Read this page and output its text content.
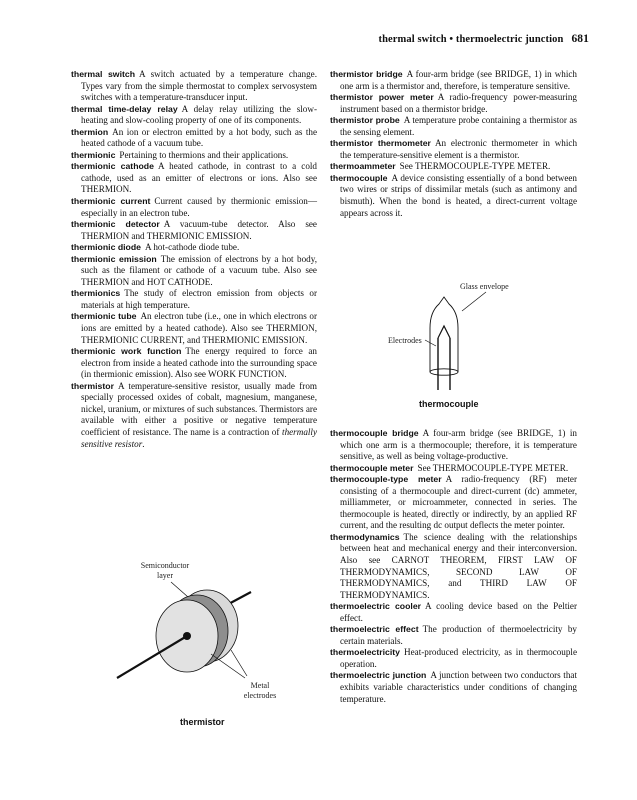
thermal switch • thermoelectric junction 681

thermal switch A switch actuated by a temperature change. Types vary from the simple thermostat to complex servosystem switches with a temperature-transducer input.

thermal time-delay relay A delay relay utilizing the slow-heating and slow-cooling property of one of its components.

thermion An ion or electron emitted by a hot body, such as the heated cathode of a vacuum tube.

thermionic Pertaining to thermions and their applications.

thermionic cathode A heated cathode, in contrast to a cold cathode, used as an emitter of electrons or ions. Also see THERMION.

thermionic current Current caused by thermionic emission—especially in an electron tube.

thermionic detector A vacuum-tube detector. Also see THERMION and THERMIONIC EMISSION.

thermionic diode A hot-cathode diode tube.

thermionic emission The emission of electrons by a hot body, such as the filament or cathode of a vacuum tube. Also see THERMION and HOT CATHODE.

thermionics The study of electron emission from objects or materials at high temperature.

thermionic tube An electron tube (i.e., one in which electrons or ions are emitted by a heated cathode). Also see THERMION, THERMIONIC CURRENT, and THERMIONIC EMISSION.

thermionic work function The energy required to force an electron from inside a heated cathode into the surrounding space (in thermionic emission). Also see WORK FUNCTION.

thermistor A temperature-sensitive resistor, usually made from specially processed oxides of cobalt, magnesium, manganese, nickel, uranium, or mixtures of such substances. Thermistors are available with either a positive or negative temperature coefficient of resistance. The name is a contraction of thermally sensitive resistor.

Semiconductor
layer
Metal
electrodes
thermistor

thermistor bridge A four-arm bridge (see BRIDGE, 1) in which one arm is a thermistor and, therefore, is temperature sensitive.

thermistor power meter A radio-frequency power-measuring instrument based on a thermistor bridge.

thermistor probe A temperature probe containing a thermistor as the sensing element.

thermistor thermometer An electronic thermometer in which the temperature-sensitive element is a thermistor.

thermoammeter See THERMOCOUPLE-TYPE METER.

thermocouple A device consisting essentially of a bond between two wires or strips of dissimilar metals (such as antimony and bismuth). When the bond is heated, a direct-current voltage appears across it.

Glass envelope
Electrodes
thermocouple

thermocouple bridge A four-arm bridge (see BRIDGE, 1) in which one arm is a thermocouple; therefore, it is temperature sensitive, as well as being voltage-productive.

thermocouple meter See THERMOCOUPLE-TYPE METER.

thermocouple-type meter A radio-frequency (RF) meter consisting of a thermocouple and direct-current (dc) ammeter, milliammeter, or microammeter, connected in series. The thermocouple is heated, directly or indirectly, by an applied RF current, and the resulting dc output deflects the meter pointer.

thermodynamics The science dealing with the relationships between heat and mechanical energy and their interconversion. Also see CARNOT THEOREM, FIRST LAW OF THERMODYNAMICS, SECOND LAW OF THERMODYNAMICS, and THIRD LAW OF THERMODYNAMICS.

thermoelectric cooler A cooling device based on the Peltier effect.

thermoelectric effect The production of thermoelectricity by certain materials.

thermoelectricity Heat-produced electricity, as in thermocouple operation.

thermoelectric junction A junction between two conductors that exhibits variable characteristics under conditions of changing temperature.
